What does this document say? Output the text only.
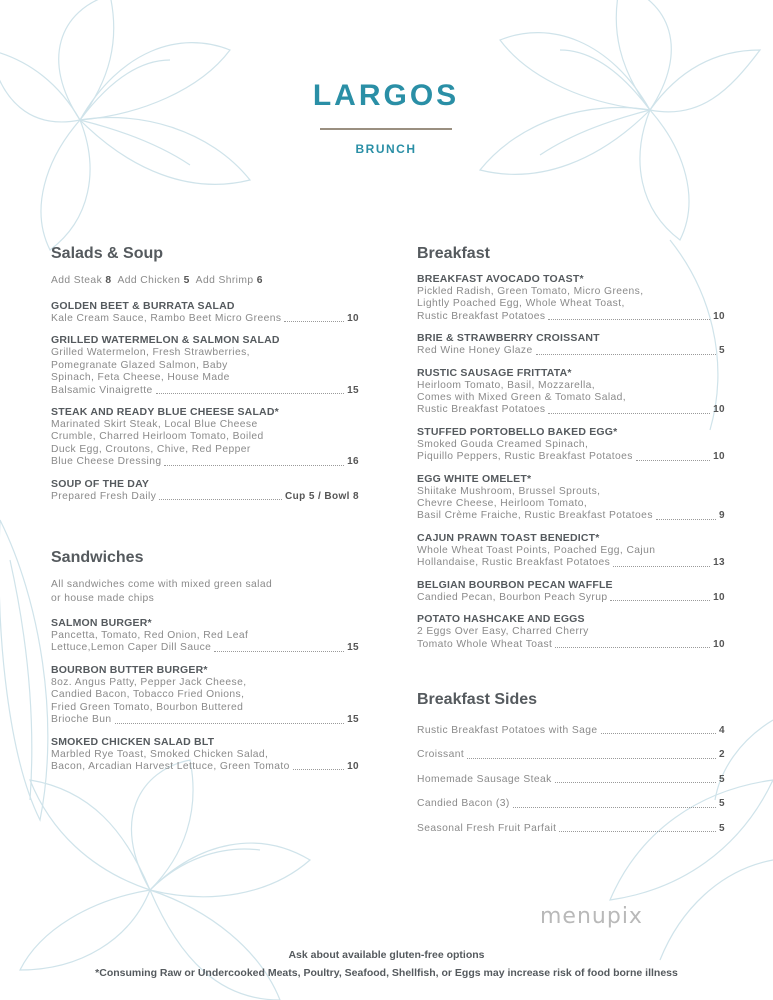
LARGOS
BRUNCH
Salads & Soup
Add Steak 8 Add Chicken 5 Add Shrimp 6
GOLDEN BEET & BURRATA SALAD
Kale Cream Sauce, Rambo Beet Micro Greens	10
GRILLED WATERMELON & SALMON SALAD
Grilled Watermelon, Fresh Strawberries,
Pomegranate Glazed Salmon, Baby
Spinach, Feta Cheese, House Made
Balsamic Vinaigrette	15
STEAK AND READY BLUE CHEESE SALAD*
Marinated Skirt Steak, Local Blue Cheese
Crumble, Charred Heirloom Tomato, Boiled
Duck Egg, Croutons, Chive, Red Pepper
Blue Cheese Dressing	16
SOUP OF THE DAY
Prepared Fresh Daily	Cup 5 / Bowl 8
Sandwiches
All sandwiches come with mixed green salad
or house made chips
SALMON BURGER*
Pancetta, Tomato, Red Onion, Red Leaf
Lettuce,Lemon Caper Dill Sauce	15
BOURBON BUTTER BURGER*
8oz. Angus Patty, Pepper Jack Cheese,
Candied Bacon, Tobacco Fried Onions,
Fried Green Tomato, Bourbon Buttered
Brioche Bun	15
SMOKED CHICKEN SALAD BLT
Marbled Rye Toast, Smoked Chicken Salad,
Bacon, Arcadian Harvest Lettuce, Green Tomato	10
Breakfast
BREAKFAST AVOCADO TOAST*
Pickled Radish, Green Tomato, Micro Greens,
Lightly Poached Egg, Whole Wheat Toast,
Rustic Breakfast Potatoes	10
BRIE & STRAWBERRY CROISSANT
Red Wine Honey Glaze	5
RUSTIC SAUSAGE FRITTATA*
Heirloom Tomato, Basil, Mozzarella,
Comes with Mixed Green & Tomato Salad,
Rustic Breakfast Potatoes	10
STUFFED PORTOBELLO BAKED EGG*
Smoked Gouda Creamed Spinach,
Piquillo Peppers, Rustic Breakfast Potatoes	10
EGG WHITE OMELET*
Shiitake Mushroom, Brussel Sprouts,
Chevre Cheese, Heirloom Tomato,
Basil Crème Fraiche, Rustic Breakfast Potatoes	9
CAJUN PRAWN TOAST BENEDICT*
Whole Wheat Toast Points, Poached Egg, Cajun
Hollandaise, Rustic Breakfast Potatoes	13
BELGIAN BOURBON PECAN WAFFLE
Candied Pecan, Bourbon Peach Syrup	10
POTATO HASHCAKE AND EGGS
2 Eggs Over Easy, Charred Cherry
Tomato Whole Wheat Toast	10
Breakfast Sides
Rustic Breakfast Potatoes with Sage	4
Croissant	2
Homemade Sausage Steak	5
Candied Bacon (3)	5
Seasonal Fresh Fruit Parfait	5
menupix
Ask about available gluten-free options
*Consuming Raw or Undercooked Meats, Poultry, Seafood, Shellfish, or Eggs may increase risk of food borne illness
